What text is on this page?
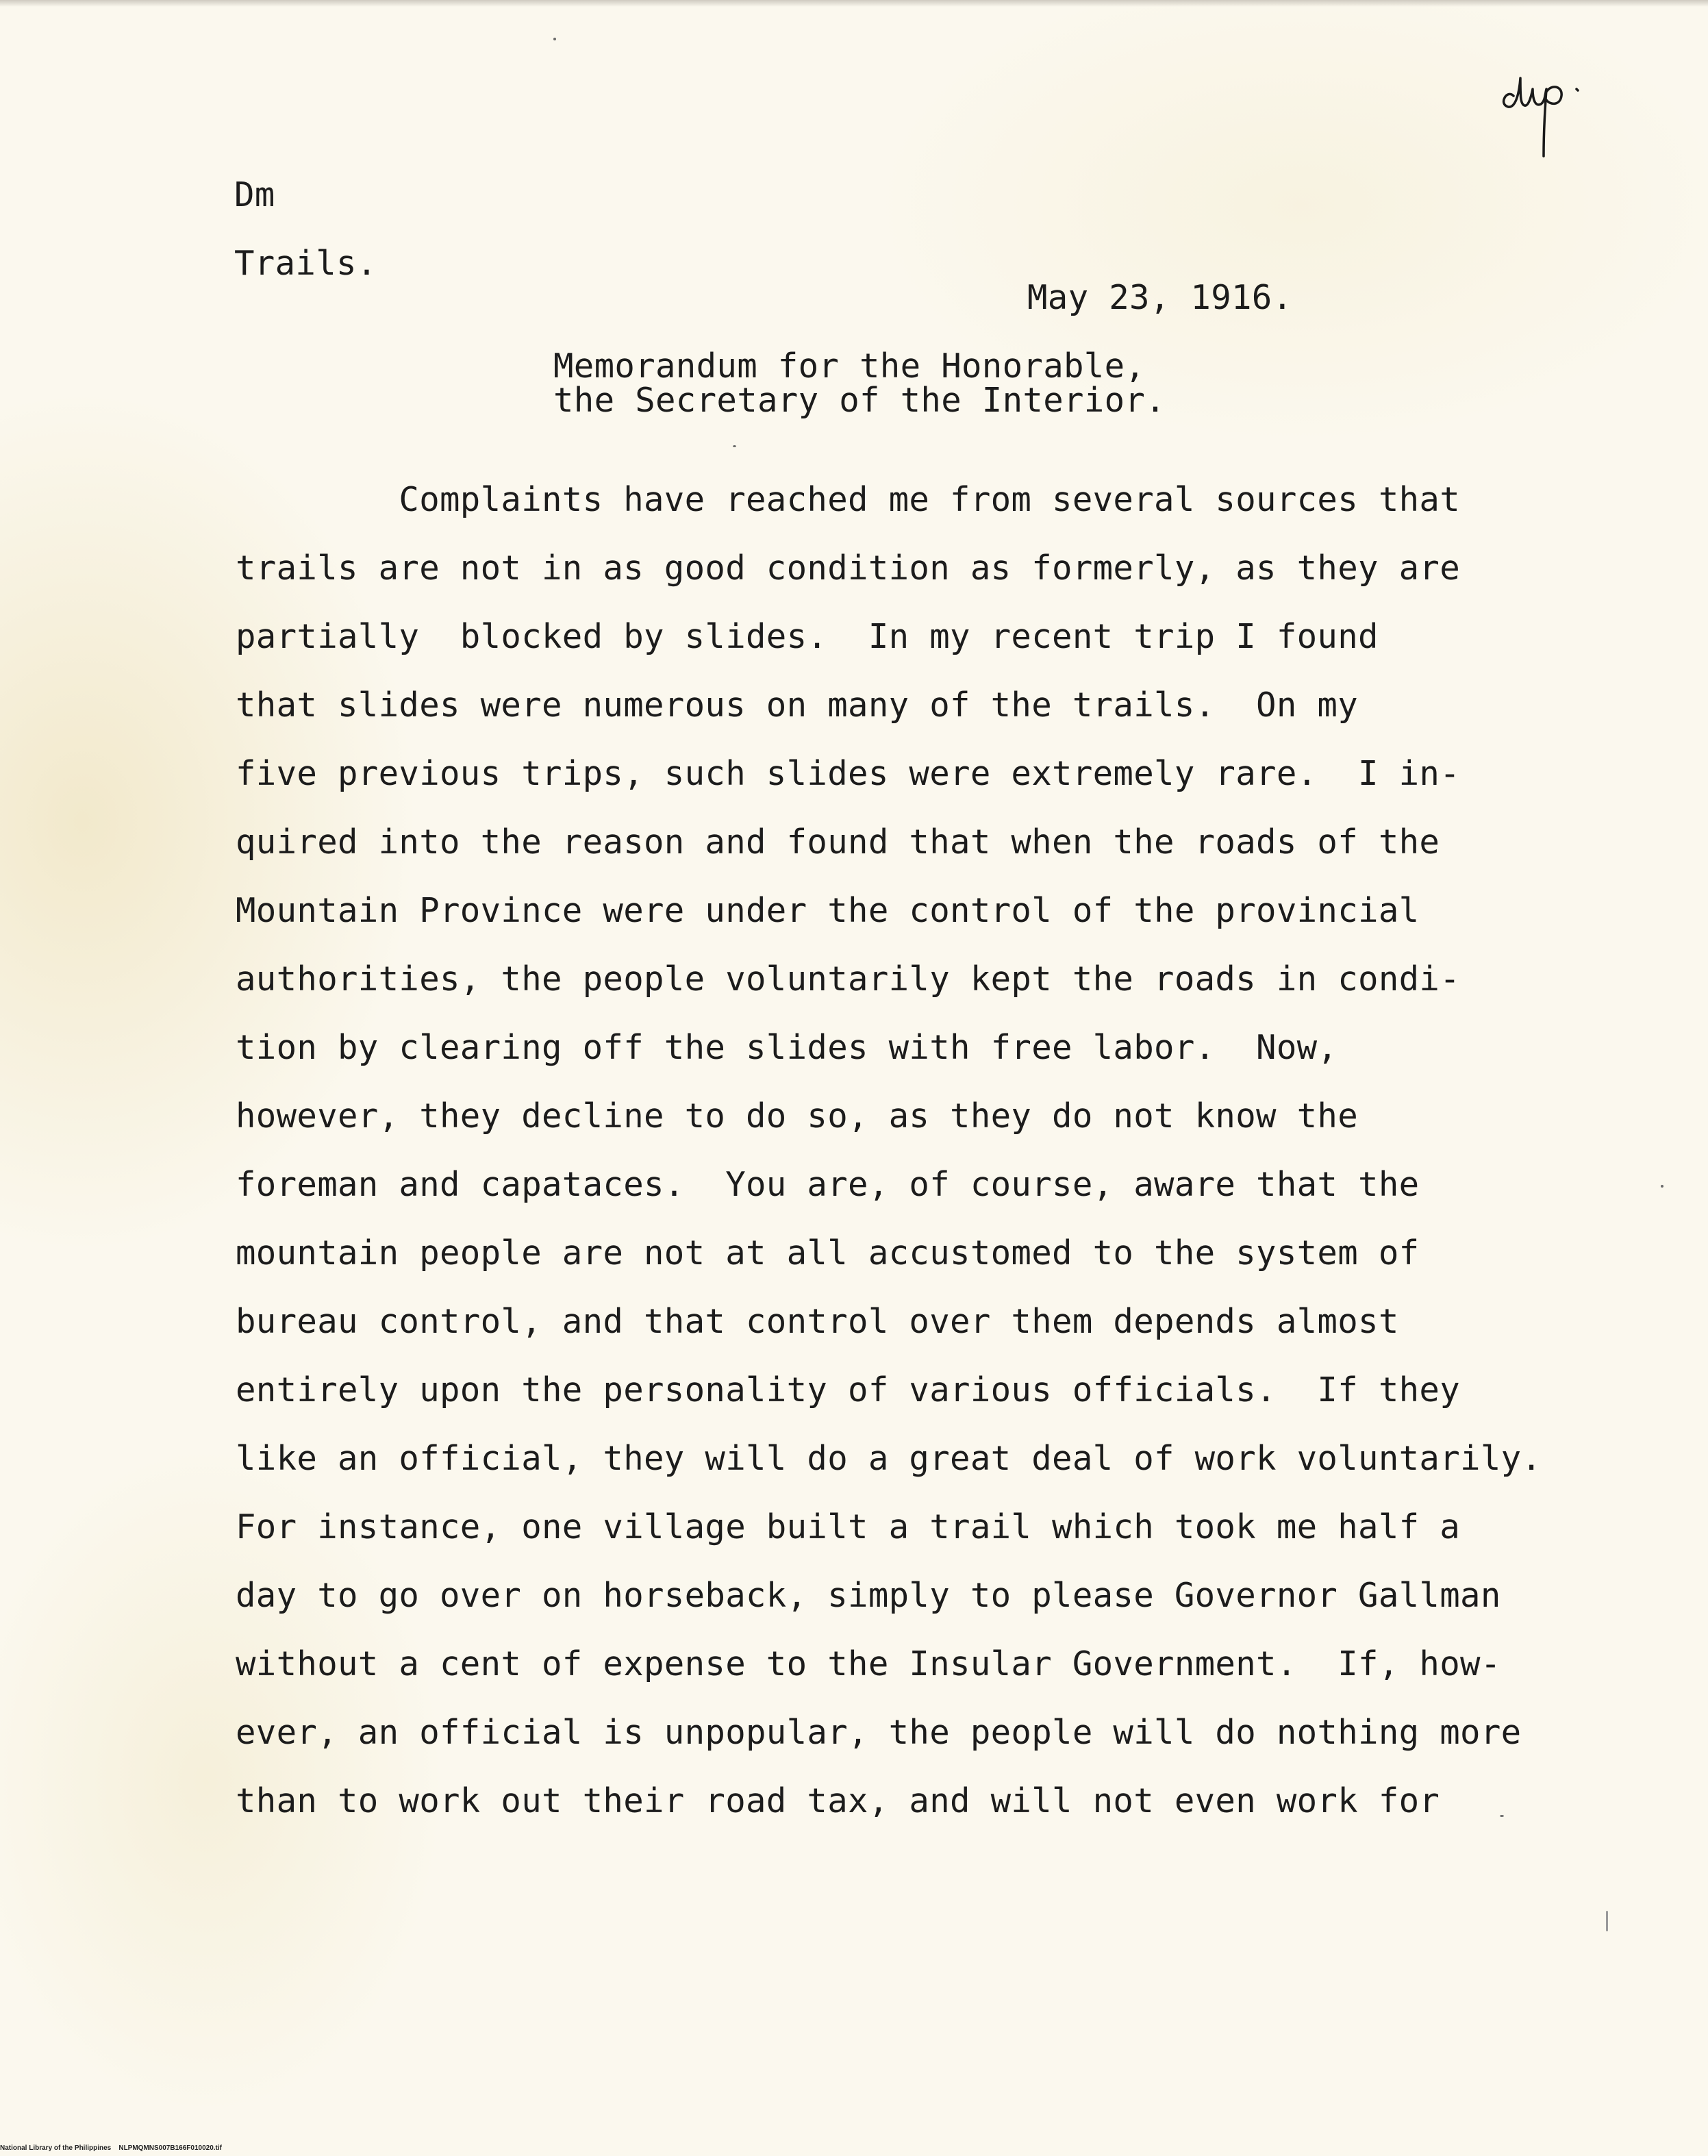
Dm
Trails.
May 23, 1916.
Memorandum for the Honorable,
the Secretary of the Interior.
Complaints have reached me from several sources that
trails are not in as good condition as formerly, as they are
partially  blocked by slides.  In my recent trip I found
that slides were numerous on many of the trails.  On my
five previous trips, such slides were extremely rare.  I in-
quired into the reason and found that when the roads of the
Mountain Province were under the control of the provincial
authorities, the people voluntarily kept the roads in condi-
tion by clearing off the slides with free labor.  Now,
however, they decline to do so, as they do not know the
foreman and capataces.  You are, of course, aware that the
mountain people are not at all accustomed to the system of
bureau control, and that control over them depends almost
entirely upon the personality of various officials.  If they
like an official, they will do a great deal of work voluntarily.
For instance, one village built a trail which took me half a
day to go over on horseback, simply to please Governor Gallman
without a cent of expense to the Insular Government.  If, how-
ever, an official is unpopular, the people will do nothing more
than to work out their road tax, and will not even work for
National Library of the Philippines    NLPMQMNS007B166F010020.tif
